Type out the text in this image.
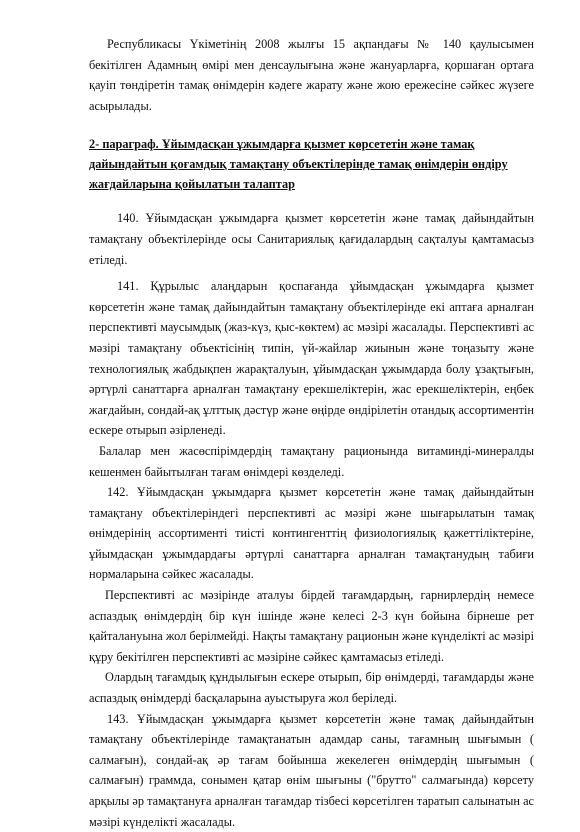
Республикасы Үкіметінің 2008 жылғы 15 ақпандағы № 140 қаулысымен бекітілген Адамның өмірі мен денсаулығына және жануарларға, қоршаған ортаға қауіп төндіретін тамақ өнімдерін кәдеге жарату және жою ережесіне сәйкес жүзеге асырылады.

2- параграф. Ұйымдасқан ұжымдарға қызмет көрсететін және тамақ дайындайтын қоғамдық тамақтану объектілерінде тамақ өнімдерін өндіру жағдайларына қойылатын талаптар

140. Ұйымдасқан ұжымдарға қызмет көрсететін және тамақ дайындайтын тамақтану объектілерінде осы Санитариялық қағидалардың сақталуы қамтамасыз етіледі.

141. Құрылыс алаңдарын қоспағанда ұйымдасқан ұжымдарға қызмет көрсететін және тамақ дайындайтын тамақтану объектілерінде екі аптаға арналған перспективті маусымдық (жаз-күз, қыс-көктем) ас мәзірі жасалады. Перспективті ас мәзірі тамақтану объектісінің типін, үй-жайлар жиынын және тоңазыту және технологиялық жабдықпен жарақталуын, ұйымдасқан ұжымдарда болу ұзақтығын, әртүрлі санаттарға арналған тамақтану ерекшеліктерін, жас ерекшеліктерін, еңбек жағдайын, сондай-ақ ұлттық дәстүр және өңірде өндірілетін отандық ассортиментін ескере отырып әзірленеді.

Балалар мен жасөспірімдердің тамақтану рационында витаминді-минералды кешенмен байытылған тағам өнімдері көзделеді.

142. Ұйымдасқан ұжымдарға қызмет көрсететін және тамақ дайындайтын тамақтану объектілеріндегі перспективті ас мәзірі және шығарылатын тамақ өнімдерінің ассортименті тиісті контингенттің физиологиялық қажеттіліктеріне, ұйымдасқан ұжымдардағы әртүрлі санаттарға арналған тамақтанудың табиғи нормаларына сәйкес жасалады.

Перспективті ас мәзірінде аталуы бірдей тағамдардың, гарнирлердің немесе аспаздық өнімдердің бір күн ішінде және келесі 2-3 күн бойына бірнеше рет қайталануына жол берілмейді. Нақты тамақтану рационын және күнделікті ас мәзірі құру бекітілген перспективті ас мәзіріне сәйкес қамтамасыз етіледі.

Олардың тағамдық құндылығын ескере отырып, бір өнімдерді, тағамдарды және аспаздық өнімдерді басқаларына ауыстыруға жол беріледі.

143. Ұйымдасқан ұжымдарға қызмет көрсететін және тамақ дайындайтын тамақтану объектілерінде тамақтанатын адамдар саны, тағамның шығымын ( салмағын), сондай-ақ әр тағам бойынша жекелеген өнімдердің шығымын ( салмағын) граммда, сонымен қатар өнім шығыны ("брутто" салмағында) көрсету арқылы әр тамақтануға арналған тағамдар тізбесі көрсетілген таратып салынатын ас мәзірі күнделікті жасалады.
